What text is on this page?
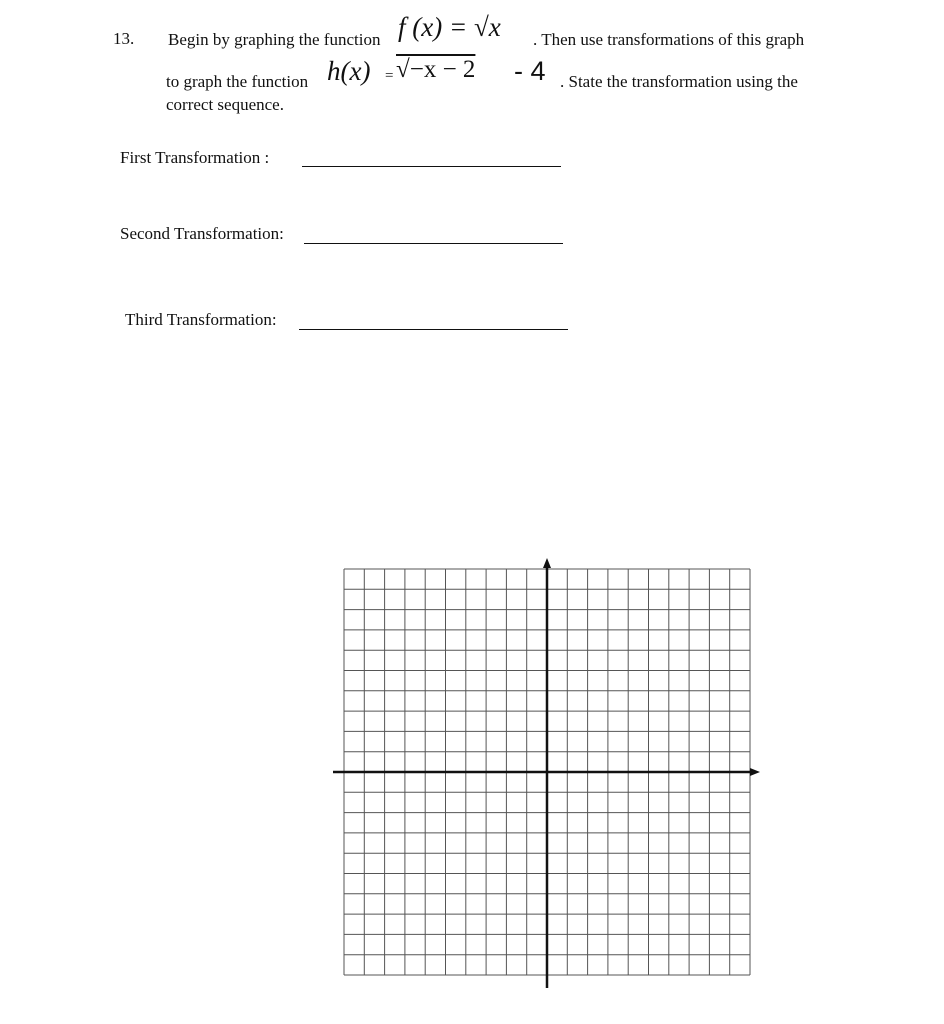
13. Begin by graphing the function f (x) = √x . Then use transformations of this graph
to graph the function h(x) = √−x − 2 - 4 . State the transformation using the
correct sequence.
First Transformation :
Second Transformation:
Third Transformation:
